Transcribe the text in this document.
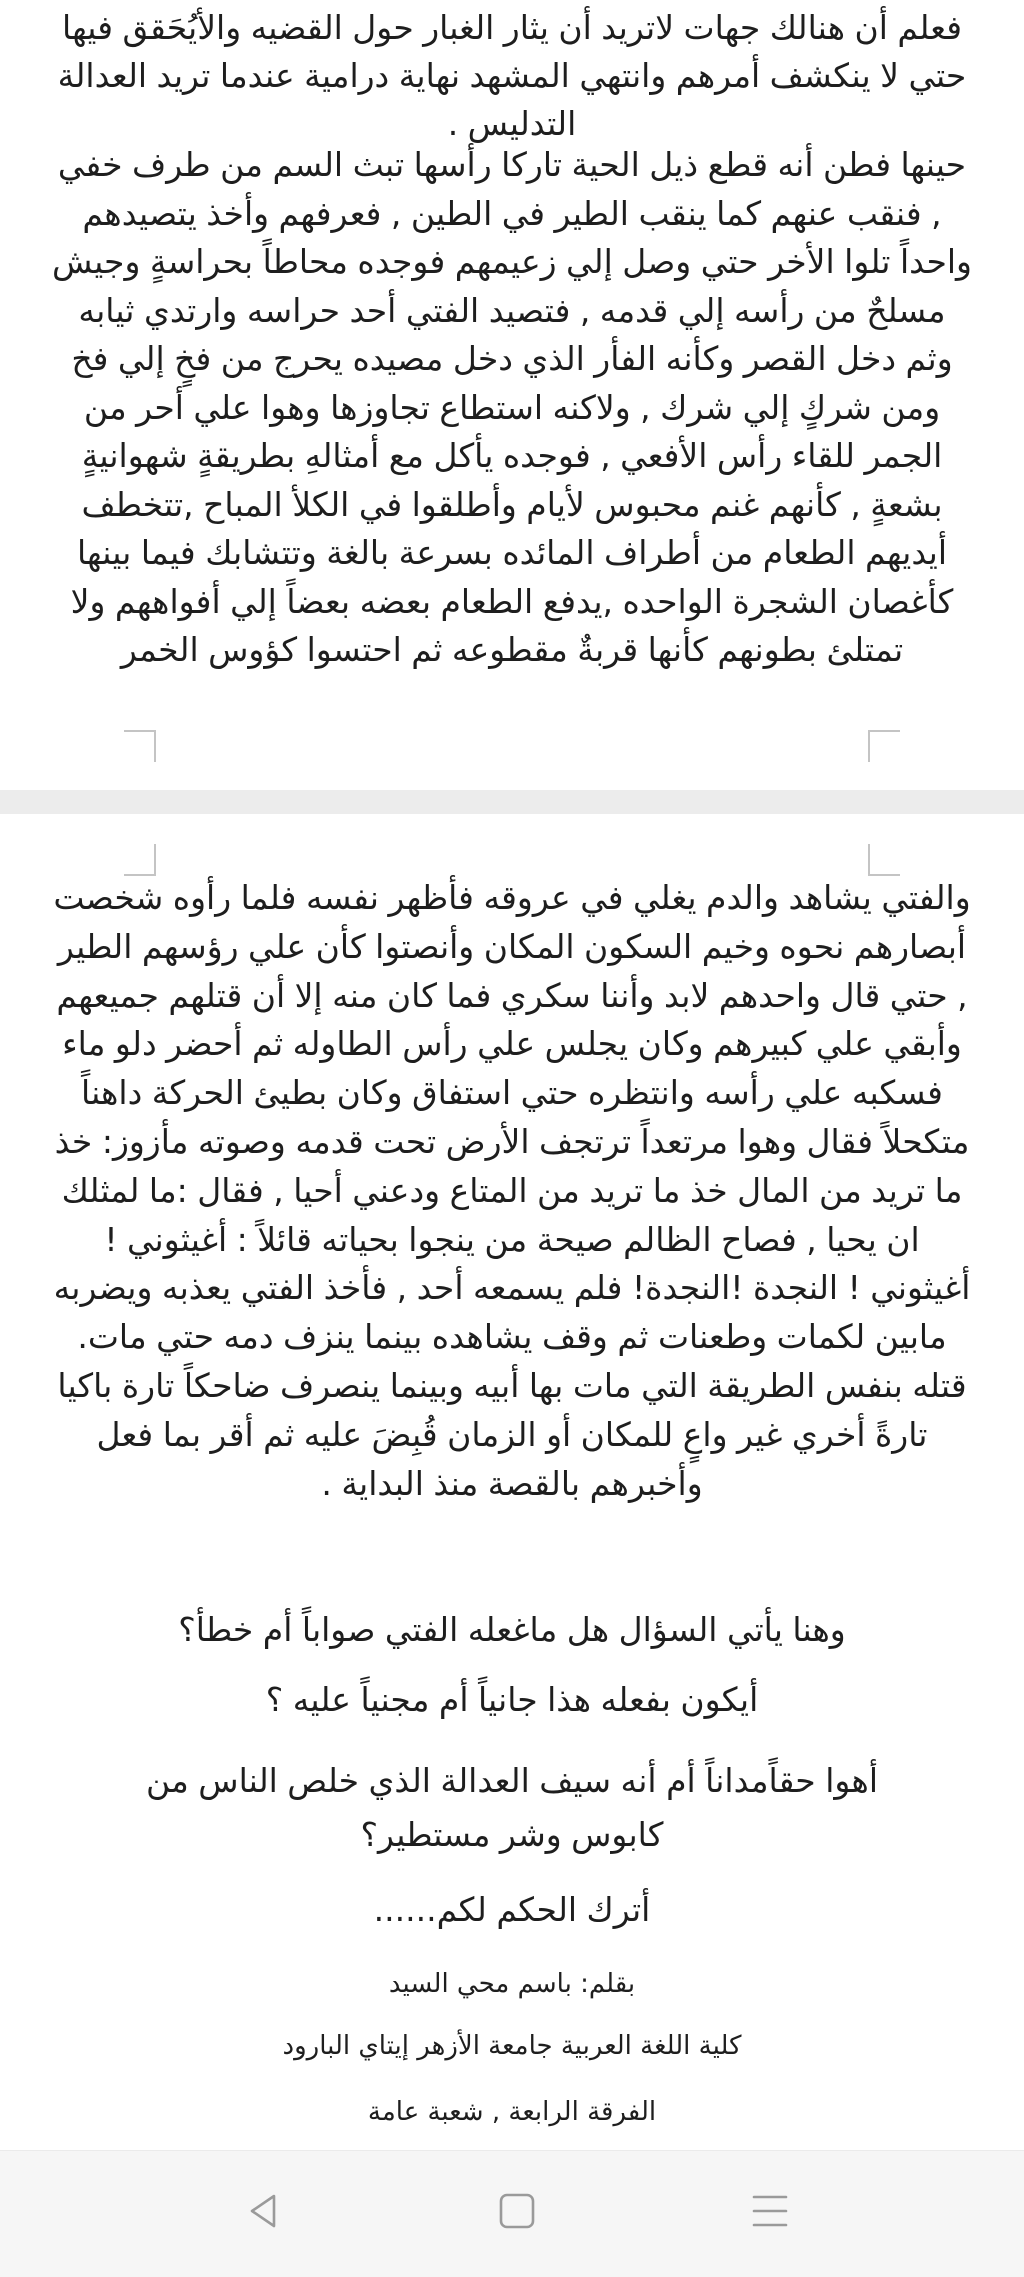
فعلم أن هنالك جهات لاتريد أن يثار الغبار حول القضيه والأيُحَقق فيها حتي لا ينكشف أمرهم وانتهي المشهد نهاية درامية عندما تريد العدالة التدليس .

حينها فطن أنه قطع ذيل الحية تاركا رأسها تبث السم من طرف خفي , فنقب عنهم كما ينقب الطير في الطين , فعرفهم وأخذ يتصيدهم واحداً تلوا الأخر حتي وصل إلي زعيمهم فوجده محاطاً بحراسةٍ وجيش مسلحٌ من رأسه إلي قدمه , فتصيد الفتي أحد حراسه وارتدي ثيابه وثم دخل القصر وكأنه الفأر الذي دخل مصيده يحرج من فخٍ إلي فخ ومن شركٍ إلي شرك , ولاكنه استطاع تجاوزها وهوا علي أحر من الجمر للقاء رأس الأفعي , فوجده يأكل مع أمثالهِ بطريقةٍ شهوانيةٍ بشعةٍ , كأنهم غنم محبوس لأيام وأطلقوا في الكلأ المباح ,تتخطف أيديهم الطعام من أطراف المائده بسرعة بالغة وتتشابك فيما بينها كأغصان الشجرة الواحده ,يدفع الطعام بعضه بعضاً إلي أفواههم ولا تمتلئ بطونهم كأنها قربةٌ مقطوعه ثم احتسوا كؤوس الخمر

والفتي يشاهد والدم يغلي في عروقه فأظهر نفسه فلما رأوه شخصت أبصارهم نحوه وخيم السكون المكان وأنصتوا كأن علي رؤسهم الطير , حتي قال واحدهم لابد وأننا سكري فما كان منه إلا أن قتلهم جميعهم وأبقي علي كبيرهم وكان يجلس علي رأس الطاوله ثم أحضر دلو ماء فسكبه علي رأسه وانتظره حتي استفاق وكان بطيئ الحركة داهناً متكحلاً فقال وهوا مرتعداً ترتجف الأرض تحت قدمه وصوته مأزوز: خذ ما تريد من المال خذ ما تريد من المتاع ودعني أحيا , فقال :ما لمثلك ان يحيا , فصاح الظالم صيحة من ينجوا بحياته قائلاً : أغيثوني ! أغيثوني ! النجدة !النجدة! فلم يسمعه أحد , فأخذ الفتي يعذبه ويضربه مابين لكمات وطعنات ثم وقف يشاهده بينما ينزف دمه حتي مات. قتله بنفس الطريقة التي مات بها أبيه وبينما ينصرف ضاحكاً تارة باكيا تارةً أخري غير واعٍ للمكان أو الزمان قُبِضَ عليه ثم أقر بما فعل وأخبرهم بالقصة منذ البداية .

وهنا يأتي السؤال هل ماغعله الفتي صواباً أم خطأ؟

أيكون بفعله هذا جانياً أم مجنياً عليه ؟

أهوا حقاًمداناً أم أنه سيف العدالة الذي خلص الناس من كابوس وشر مستطير؟

أترك الحكم لكم......

بقلم: باسم محي السيد
كلية اللغة العربية جامعة الأزهر إيتاي البارود
الفرقة الرابعة , شعبة عامة
